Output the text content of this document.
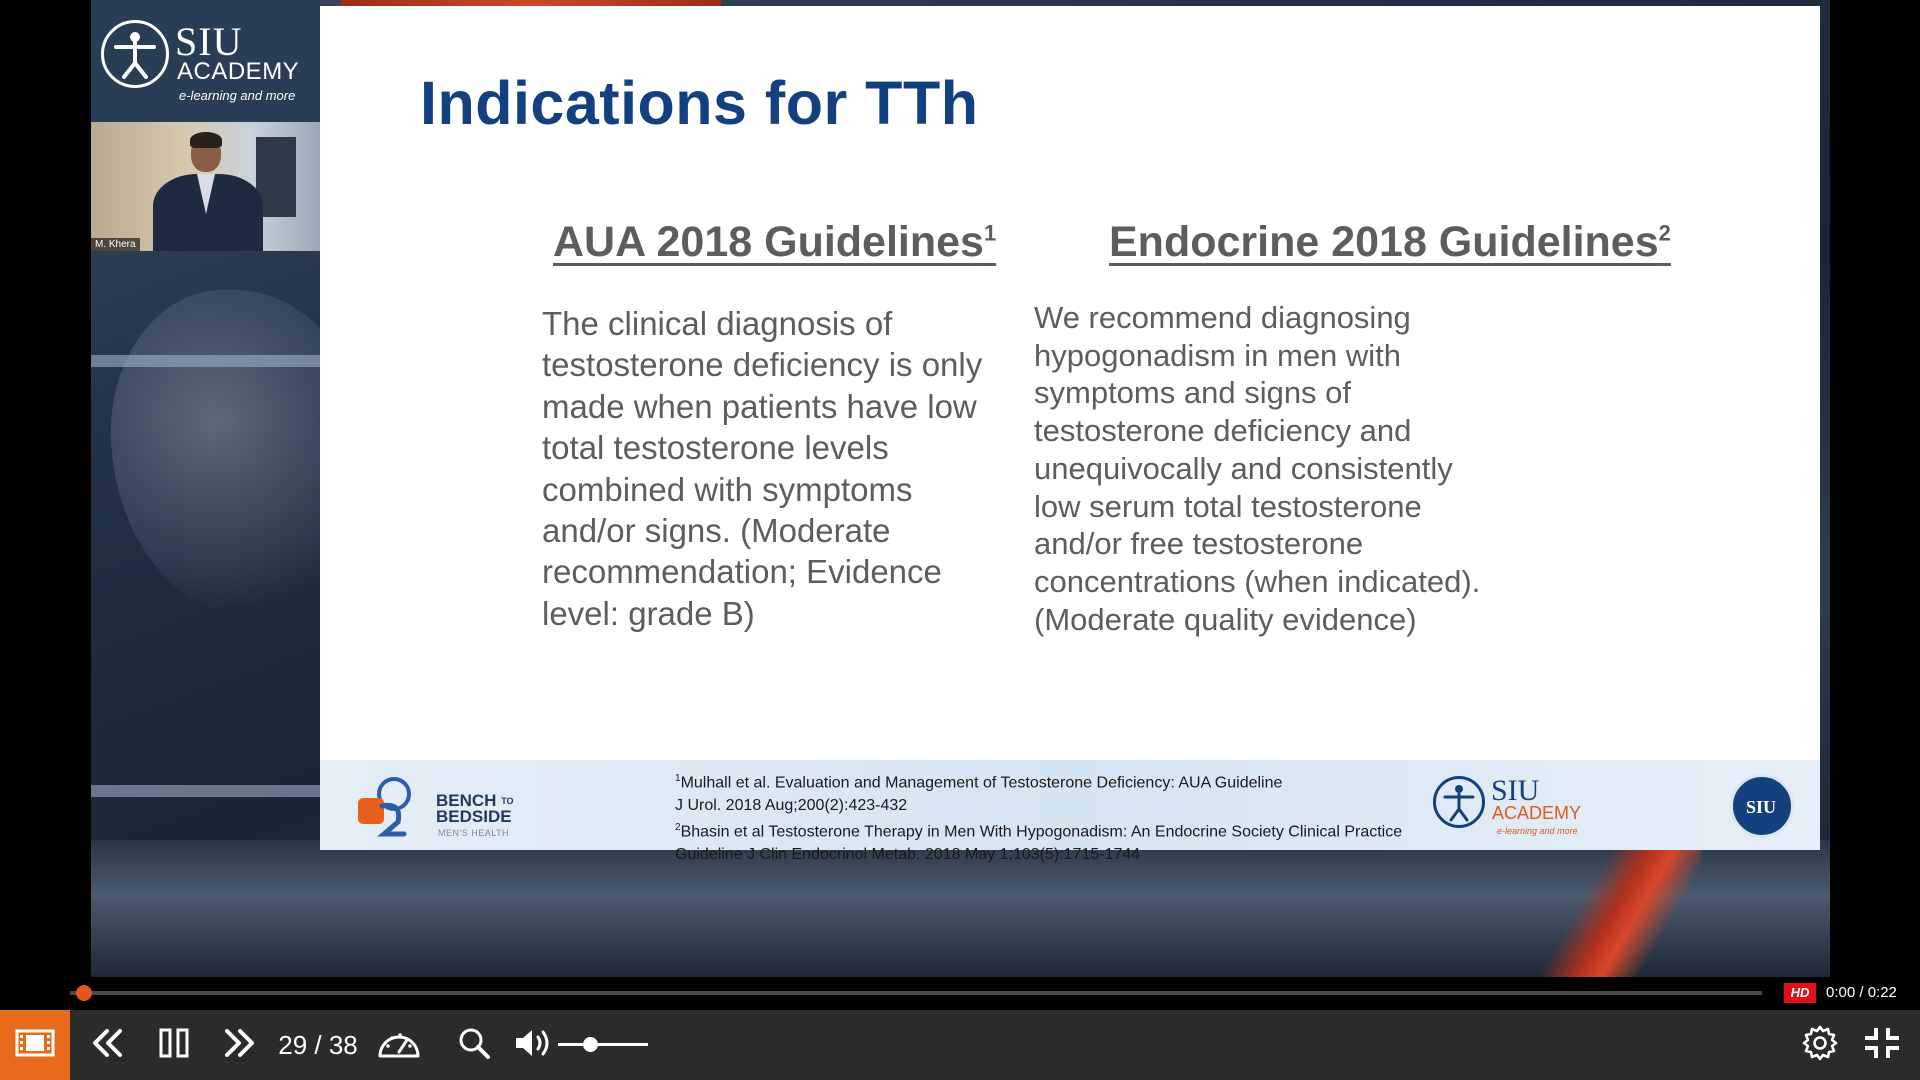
SIU
ACADEMY
e-learning and more
M. Khera
Indications for TTh
AUA 2018 Guidelines$^1$	Endocrine 2018 Guidelines$^2$
The clinical diagnosis of
testosterone deficiency is only
made when patients have low
total testosterone levels
combined with symptoms
and/or signs. (Moderate
recommendation; Evidence
level: grade B)
We recommend diagnosing
hypogonadism in men with
symptoms and signs of
testosterone deficiency and
unequivocally and consistently
low serum total testosterone
and/or free testosterone
concentrations (when indicated).
(Moderate quality evidence)
BENCH $^{TO}$
BEDSIDE
MEN'S HEALTH
$^1$Mulhall et al. Evaluation and Management of Testosterone Deficiency: AUA Guideline
J Urol. 2018 Aug;200(2):423-432
$^2$Bhasin et al Testosterone Therapy in Men With Hypogonadism: An Endocrine Society Clinical Practice
Guideline J Clin Endocrinol Metab. 2018 May 1;103(5):1715-1744
SIU
ACADEMY
e-learning and more
SIU
HD	0:00 / 0:22
29 / 38
